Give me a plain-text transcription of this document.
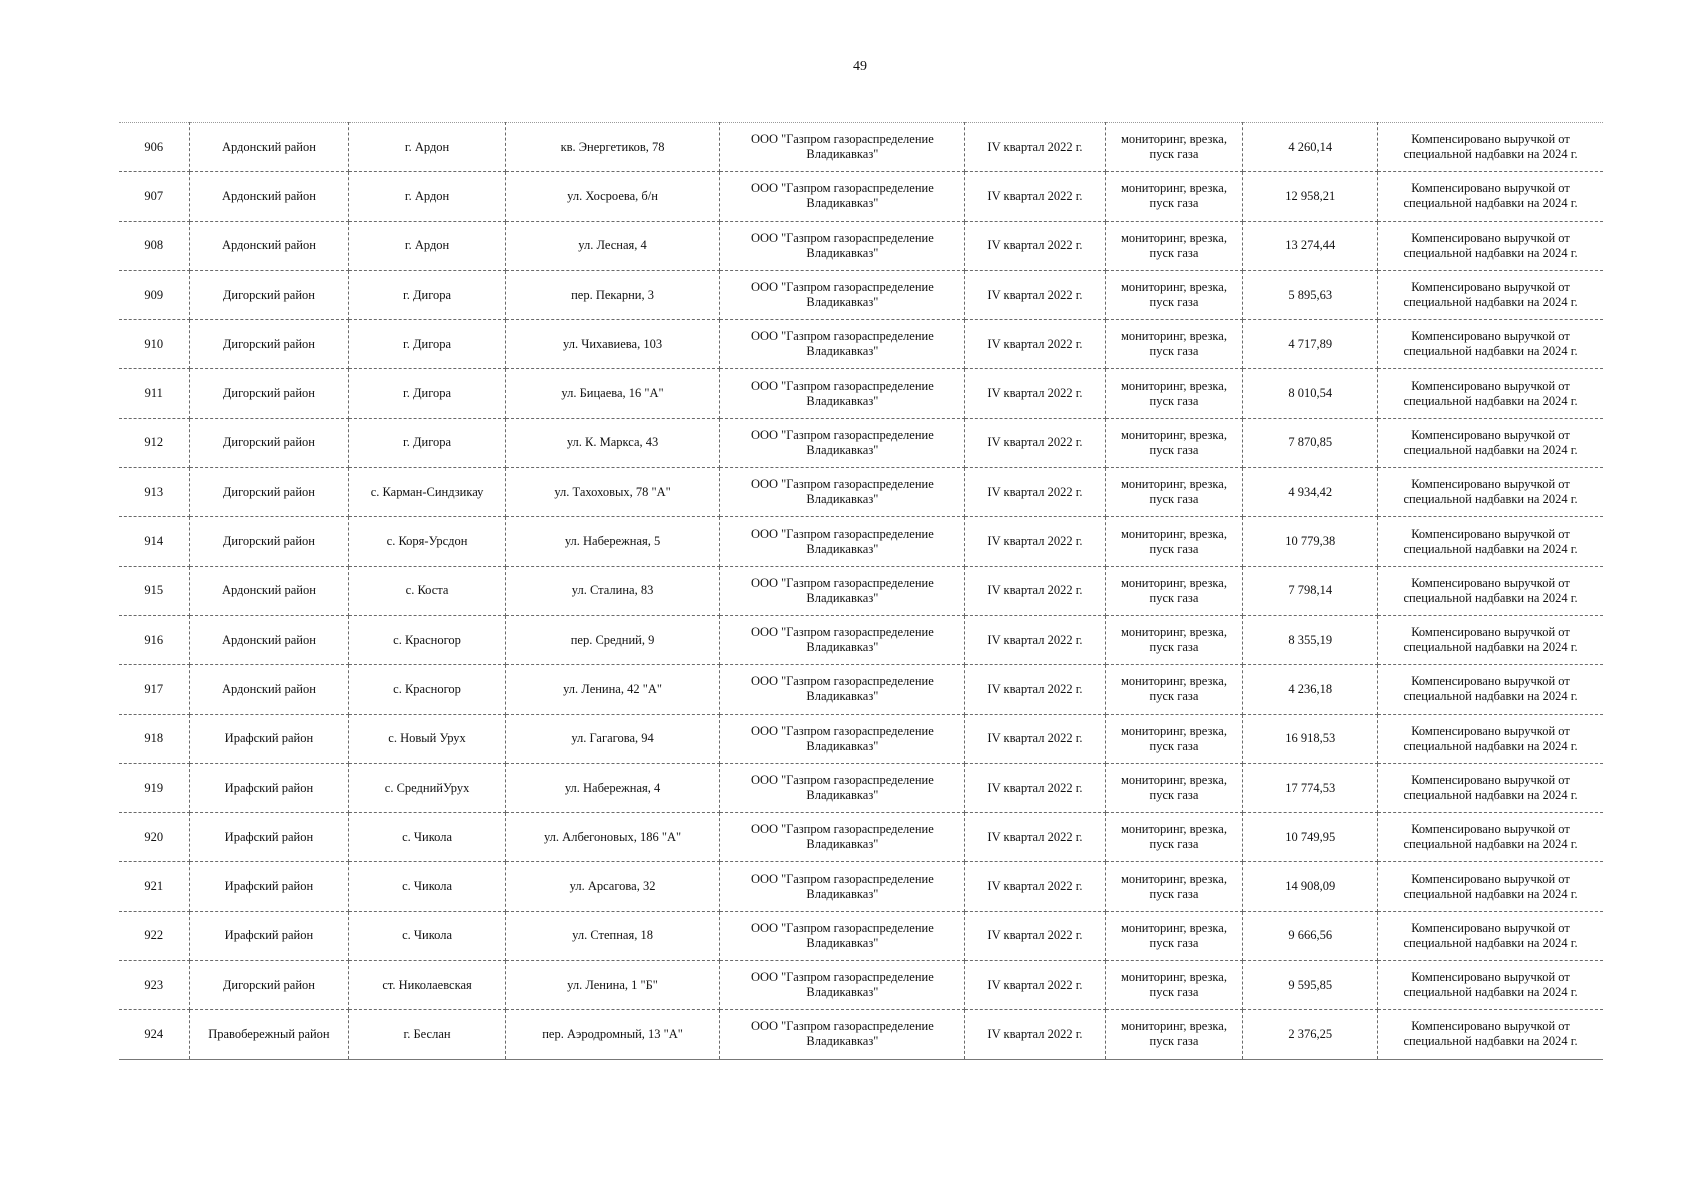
49
906	Ардонский район	г. Ардон	кв. Энергетиков, 78	ООО "Газпром газораспределение Владикавказ"	IV квартал 2022 г.	мониторинг, врезка, пуск газа	4 260,14	Компенсировано выручкой от специальной надбавки на 2024 г.
907	Ардонский район	г. Ардон	ул. Хосроева, б/н	ООО "Газпром газораспределение Владикавказ"	IV квартал 2022 г.	мониторинг, врезка, пуск газа	12 958,21	Компенсировано выручкой от специальной надбавки на 2024 г.
908	Ардонский район	г. Ардон	ул. Лесная, 4	ООО "Газпром газораспределение Владикавказ"	IV квартал 2022 г.	мониторинг, врезка, пуск газа	13 274,44	Компенсировано выручкой от специальной надбавки на 2024 г.
909	Дигорский район	г. Дигора	пер. Пекарни, 3	ООО "Газпром газораспределение Владикавказ"	IV квартал 2022 г.	мониторинг, врезка, пуск газа	5 895,63	Компенсировано выручкой от специальной надбавки на 2024 г.
910	Дигорский район	г. Дигора	ул. Чихавиева, 103	ООО "Газпром газораспределение Владикавказ"	IV квартал 2022 г.	мониторинг, врезка, пуск газа	4 717,89	Компенсировано выручкой от специальной надбавки на 2024 г.
911	Дигорский район	г. Дигора	ул. Бицаева, 16 "А"	ООО "Газпром газораспределение Владикавказ"	IV квартал 2022 г.	мониторинг, врезка, пуск газа	8 010,54	Компенсировано выручкой от специальной надбавки на 2024 г.
912	Дигорский район	г. Дигора	ул. К. Маркса, 43	ООО "Газпром газораспределение Владикавказ"	IV квартал 2022 г.	мониторинг, врезка, пуск газа	7 870,85	Компенсировано выручкой от специальной надбавки на 2024 г.
913	Дигорский район	с. Карман-Синдзикау	ул. Тахоховых, 78 "А"	ООО "Газпром газораспределение Владикавказ"	IV квартал 2022 г.	мониторинг, врезка, пуск газа	4 934,42	Компенсировано выручкой от специальной надбавки на 2024 г.
914	Дигорский район	с. Коря-Урсдон	ул. Набережная, 5	ООО "Газпром газораспределение Владикавказ"	IV квартал 2022 г.	мониторинг, врезка, пуск газа	10 779,38	Компенсировано выручкой от специальной надбавки на 2024 г.
915	Ардонский район	с. Коста	ул. Сталина, 83	ООО "Газпром газораспределение Владикавказ"	IV квартал 2022 г.	мониторинг, врезка, пуск газа	7 798,14	Компенсировано выручкой от специальной надбавки на 2024 г.
916	Ардонский район	с. Красногор	пер. Средний, 9	ООО "Газпром газораспределение Владикавказ"	IV квартал 2022 г.	мониторинг, врезка, пуск газа	8 355,19	Компенсировано выручкой от специальной надбавки на 2024 г.
917	Ардонский район	с. Красногор	ул. Ленина, 42 "А"	ООО "Газпром газораспределение Владикавказ"	IV квартал 2022 г.	мониторинг, врезка, пуск газа	4 236,18	Компенсировано выручкой от специальной надбавки на 2024 г.
918	Ирафский район	с. Новый Урух	ул. Гагагова, 94	ООО "Газпром газораспределение Владикавказ"	IV квартал 2022 г.	мониторинг, врезка, пуск газа	16 918,53	Компенсировано выручкой от специальной надбавки на 2024 г.
919	Ирафский район	с. СреднийУрух	ул. Набережная, 4	ООО "Газпром газораспределение Владикавказ"	IV квартал 2022 г.	мониторинг, врезка, пуск газа	17 774,53	Компенсировано выручкой от специальной надбавки на 2024 г.
920	Ирафский район	с. Чикола	ул. Албегоновых, 186 "А"	ООО "Газпром газораспределение Владикавказ"	IV квартал 2022 г.	мониторинг, врезка, пуск газа	10 749,95	Компенсировано выручкой от специальной надбавки на 2024 г.
921	Ирафский район	с. Чикола	ул. Арсагова, 32	ООО "Газпром газораспределение Владикавказ"	IV квартал 2022 г.	мониторинг, врезка, пуск газа	14 908,09	Компенсировано выручкой от специальной надбавки на 2024 г.
922	Ирафский район	с. Чикола	ул. Степная, 18	ООО "Газпром газораспределение Владикавказ"	IV квартал 2022 г.	мониторинг, врезка, пуск газа	9 666,56	Компенсировано выручкой от специальной надбавки на 2024 г.
923	Дигорский район	ст. Николаевская	ул. Ленина, 1 "Б"	ООО "Газпром газораспределение Владикавказ"	IV квартал 2022 г.	мониторинг, врезка, пуск газа	9 595,85	Компенсировано выручкой от специальной надбавки на 2024 г.
924	Правобережный район	г. Беслан	пер. Аэродромный, 13 "А"	ООО "Газпром газораспределение Владикавказ"	IV квартал 2022 г.	мониторинг, врезка, пуск газа	2 376,25	Компенсировано выручкой от специальной надбавки на 2024 г.
